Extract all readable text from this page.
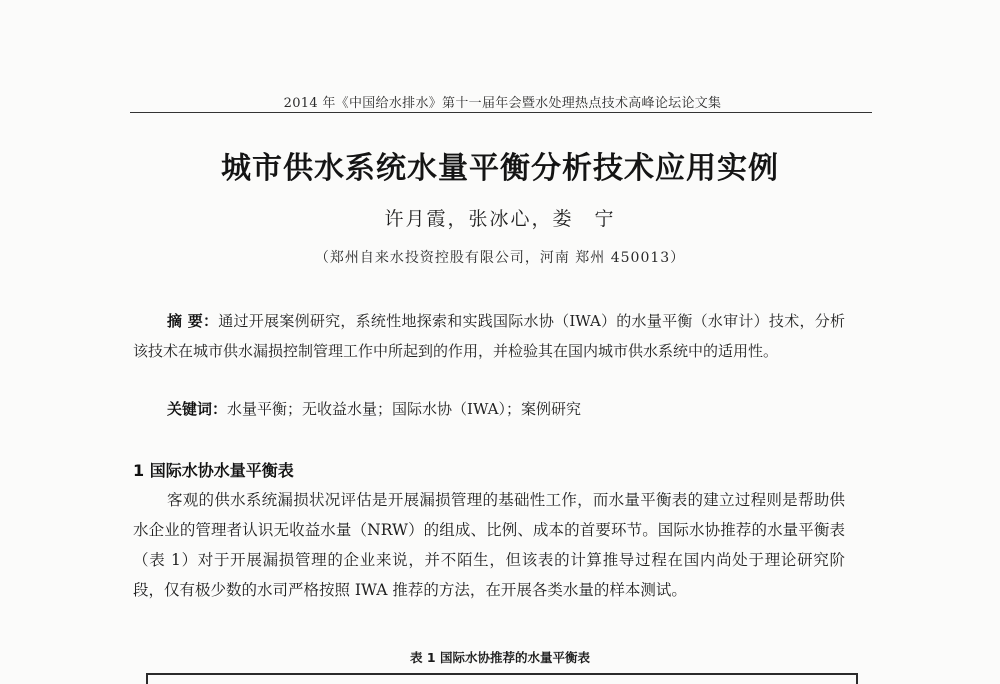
2014 年《中国给水排水》第十一届年会暨水处理热点技术高峰论坛论文集
城市供水系统水量平衡分析技术应用实例
许月霞，张冰心，娄　宁
（郑州自来水投资控股有限公司，河南 郑州 450013）

摘 要：通过开展案例研究，系统性地探索和实践国际水协（IWA）的水量平衡（水审计）技术，分析该技术在城市供水漏损控制管理工作中所起到的作用，并检验其在国内城市供水系统中的适用性。

关键词：水量平衡；无收益水量；国际水协（IWA）；案例研究

1 国际水协水量平衡表

客观的供水系统漏损状况评估是开展漏损管理的基础性工作，而水量平衡表的建立过程则是帮助供水企业的管理者认识无收益水量（NRW）的组成、比例、成本的首要环节。国际水协推荐的水量平衡表（表 1）对于开展漏损管理的企业来说，并不陌生，但该表的计算推导过程在国内尚处于理论研究阶段，仅有极少数的水司严格按照 IWA 推荐的方法，在开展各类水量的样本测试。

表 1 国际水协推荐的水量平衡表
